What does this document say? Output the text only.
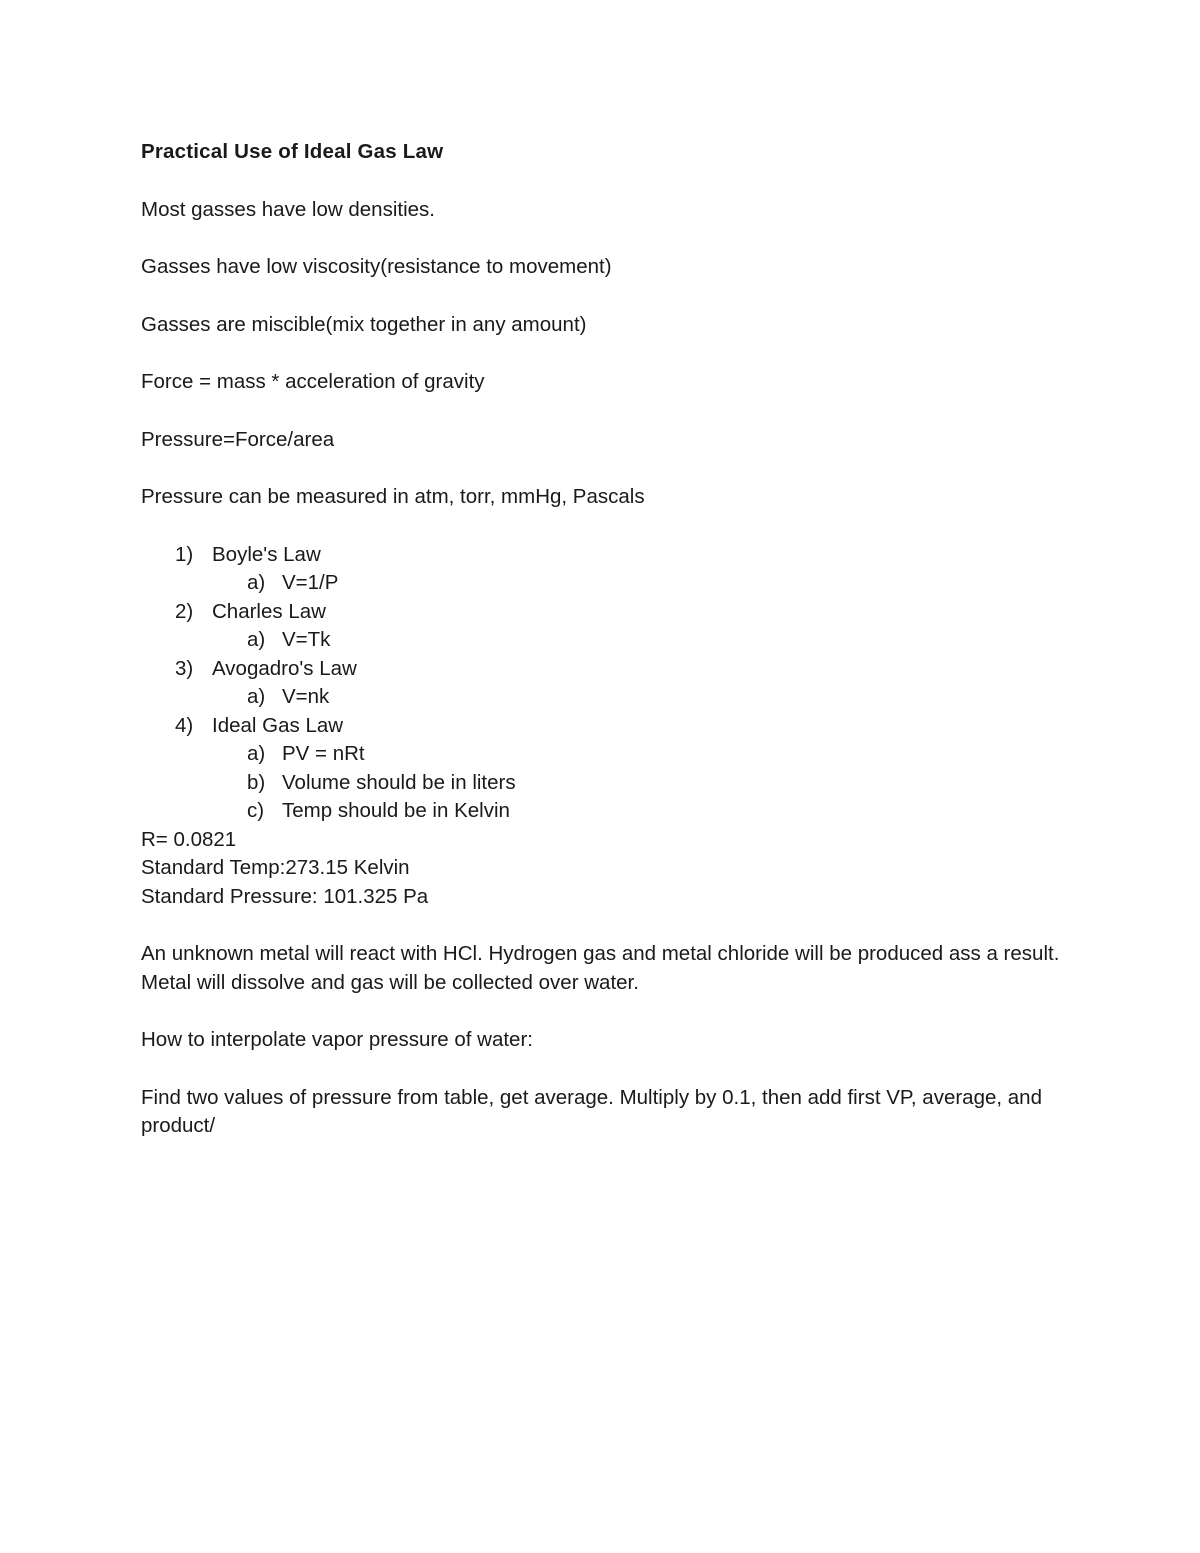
Practical Use of Ideal Gas Law

Most gasses have low densities.

Gasses have low viscosity(resistance to movement)

Gasses are miscible(mix together in any amount)

Force = mass * acceleration of gravity

Pressure=Force/area

Pressure can be measured in atm, torr, mmHg, Pascals

1) Boyle's Law
a) V=1/P
2) Charles Law
a) V=Tk
3) Avogadro's Law
a) V=nk
4) Ideal Gas Law
a) PV = nRt
b) Volume should be in liters
c) Temp should be in Kelvin

R= 0.0821

Standard Temp:273.15 Kelvin

Standard Pressure: 101.325 Pa

An unknown metal will react with HCl. Hydrogen gas and metal chloride will be produced ass a result. Metal will dissolve and gas will be collected over water.

How to interpolate vapor pressure of water:

Find two values of pressure from table, get average. Multiply by 0.1, then add first VP, average, and product/
